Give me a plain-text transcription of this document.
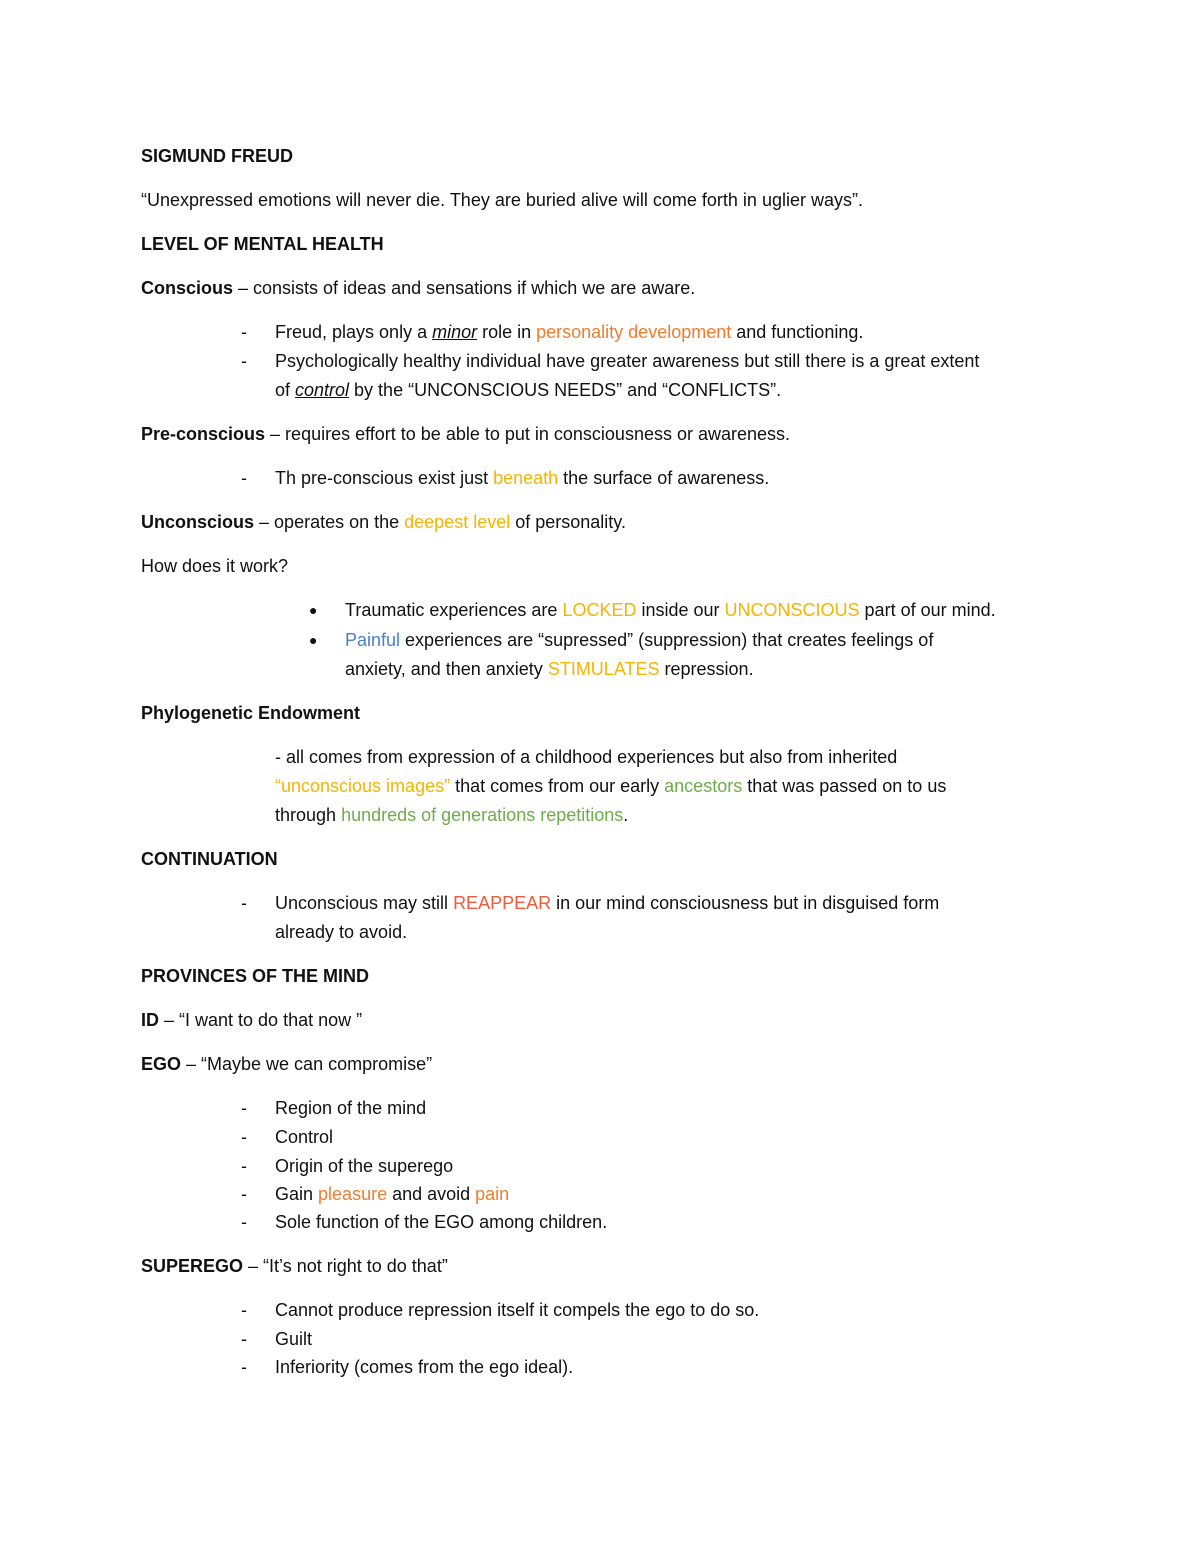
SIGMUND FREUD
“Unexpressed emotions will never die. They are buried alive will come forth in uglier ways”.
LEVEL OF MENTAL HEALTH
Conscious – consists of ideas and sensations if which we are aware.
- Freud, plays only a minor role in personality development and functioning.
- Psychologically healthy individual have greater awareness but still there is a great extent
of control by the “UNCONSCIOUS NEEDS” and “CONFLICTS”.
Pre-conscious – requires effort to be able to put in consciousness or awareness.
- Th pre-conscious exist just beneath the surface of awareness.
Unconscious – operates on the deepest level of personality.
How does it work?
● Traumatic experiences are LOCKED inside our UNCONSCIOUS part of our mind.
● Painful experiences are “supressed” (suppression) that creates feelings of
anxiety, and then anxiety STIMULATES repression.
Phylogenetic Endowment
- all comes from expression of a childhood experiences but also from inherited
“unconscious images” that comes from our early ancestors that was passed on to us
through hundreds of generations repetitions.
CONTINUATION
- Unconscious may still REAPPEAR in our mind consciousness but in disguised form
already to avoid.
PROVINCES OF THE MIND
ID – “I want to do that now ”
EGO – “Maybe we can compromise”
- Region of the mind
- Control
- Origin of the superego
- Gain pleasure and avoid pain
- Sole function of the EGO among children.
SUPEREGO – “It’s not right to do that”
- Cannot produce repression itself it compels the ego to do so.
- Guilt
- Inferiority (comes from the ego ideal).
